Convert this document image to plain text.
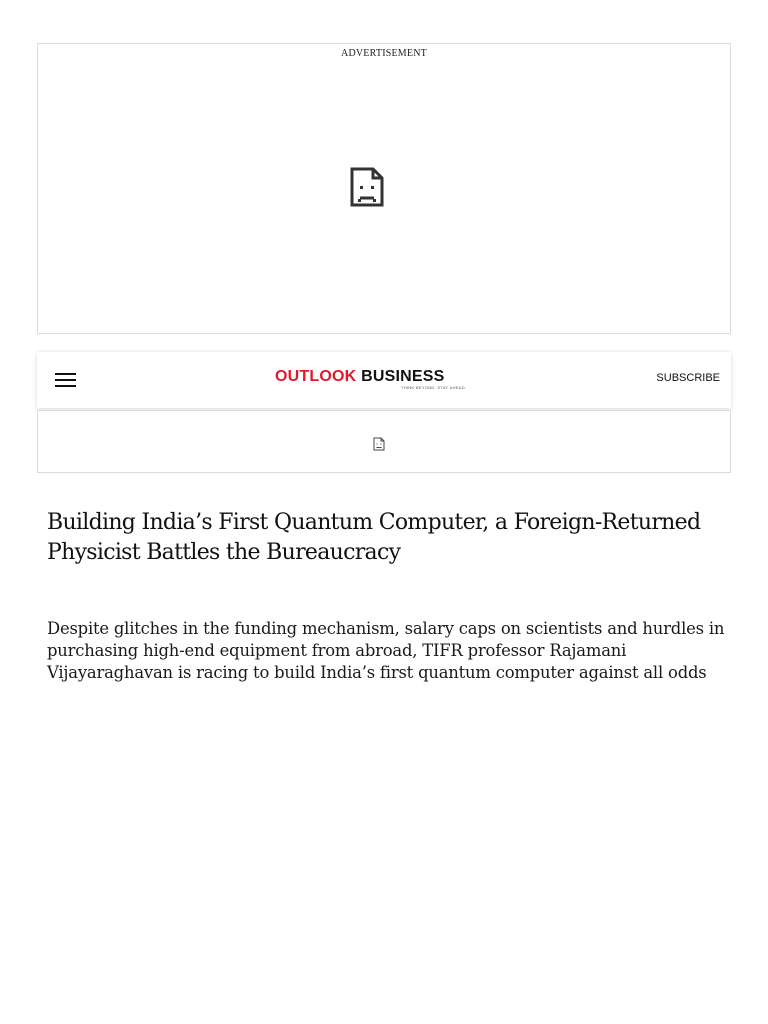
ADVERTISEMENT
OUTLOOK BUSINESS
THINK BEYOND. STAY AHEAD.
SUBSCRIBE
Building India’s First Quantum Computer, a Foreign-Returned Physicist Battles the Bureaucracy

Despite glitches in the funding mechanism, salary caps on scientists and hurdles in purchasing high-end equipment from abroad, TIFR professor Rajamani Vijayaraghavan is racing to build India’s first quantum computer against all odds
